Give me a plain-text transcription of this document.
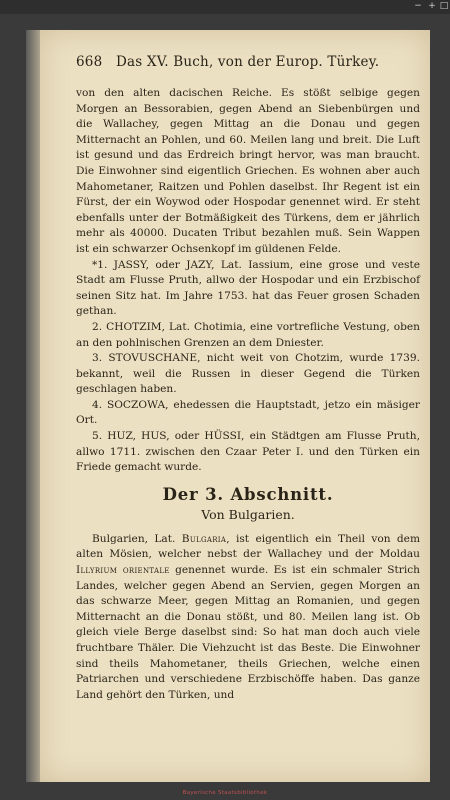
− + □
668 Das XV. Buch, von der Europ. Türkey.

von den alten dacischen Reiche. Es stößt selbige gegen Morgen an Bessorabien, gegen Abend an Siebenbürgen und die Wallachey, gegen Mittag an die Donau und gegen Mitternacht an Pohlen, und 60. Meilen lang und breit. Die Luft ist gesund und das Erdreich bringt hervor, was man braucht. Die Einwohner sind eigentlich Griechen. Es wohnen aber auch Mahometaner, Raitzen und Pohlen daselbst. Ihr Regent ist ein Fürst, der ein Woywod oder Hospodar genennet wird. Er steht ebenfalls unter der Botmäßigkeit des Türkens, dem er jährlich mehr als 40000. Ducaten Tribut bezahlen muß. Sein Wappen ist ein schwarzer Ochsenkopf im güldenen Felde.

*1. JASSY, oder JAZY, Lat. Iassium, eine grose und veste Stadt am Flusse Pruth, allwo der Hospodar und ein Erzbischof seinen Sitz hat. Im Jahre 1753. hat das Feuer grosen Schaden gethan.

2. CHOTZIM, Lat. Chotimia, eine vortrefliche Vestung, oben an den pohlnischen Grenzen an dem Dniester.

3. STOVUSCHANE, nicht weit von Chotzim, wurde 1739. bekannt, weil die Russen in dieser Gegend die Türken geschlagen haben.

4. SOCZOWA, ehedessen die Hauptstadt, jetzo ein mäsiger Ort.

5. HUZ, HUS, oder HÜSSI, ein Städtgen am Flusse Pruth, allwo 1711. zwischen den Czaar Peter I. und den Türken ein Friede gemacht wurde.

Der 3. Abschnitt.
Von Bulgarien.

Bulgarien, Lat. Bulgaria, ist eigentlich ein Theil von dem alten Mösien, welcher nebst der Wallachey und der Moldau Illyrium orientale genennet wurde. Es ist ein schmaler Strich Landes, welcher gegen Abend an Servien, gegen Morgen an das schwarze Meer, gegen Mittag an Romanien, und gegen Mitternacht an die Donau stößt, und 80. Meilen lang ist. Ob gleich viele Berge daselbst sind: So hat man doch auch viele fruchtbare Thäler. Die Viehzucht ist das Beste. Die Einwohner sind theils Mahometaner, theils Griechen, welche einen Patriarchen und verschiedene Erzbischöffe haben. Das ganze Land gehört den Türken, und

Bayerische Staatsbibliothek
